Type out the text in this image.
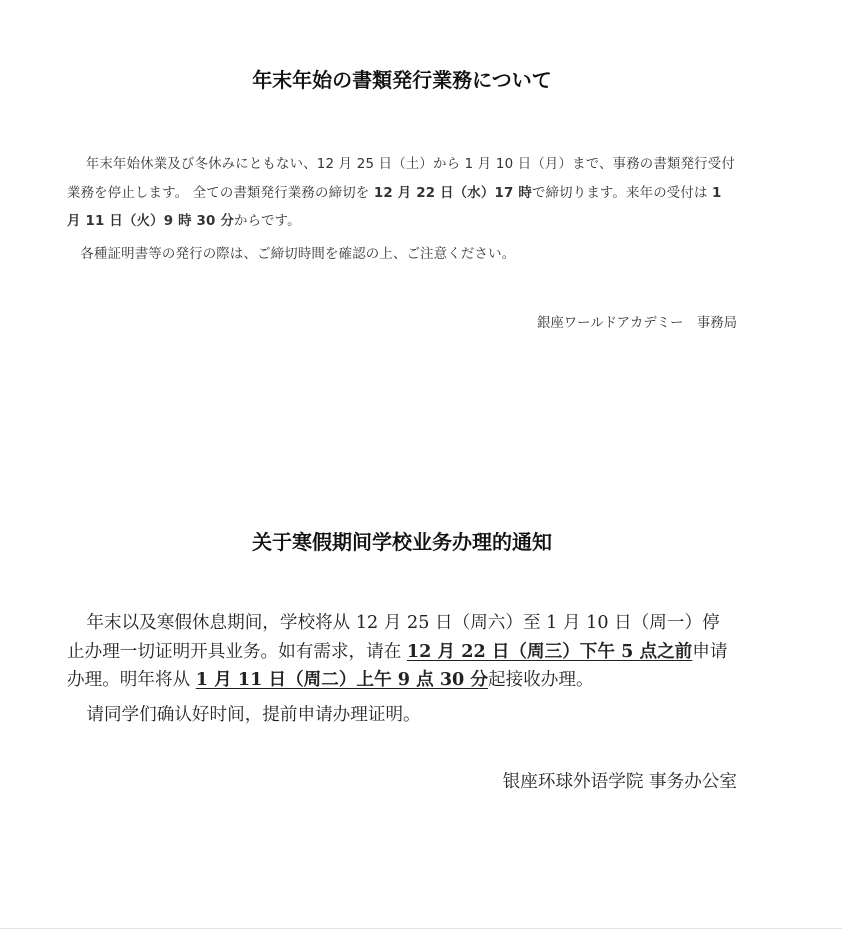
年末年始の書類発行業務について

年末年始休業及び冬休みにともない、12 月 25 日（土）から 1 月 10 日（月）まで、事務の書類発行受付業務を停止します。 全ての書類発行業務の締切を 12 月 22 日（水）17 時で締切ります。来年の受付は 1 月 11 日（火）9 時 30 分からです。

各種証明書等の発行の際は、ご締切時間を確認の上、ご注意ください。

銀座ワールドアカデミー　事務局
关于寒假期间学校业务办理的通知

年末以及寒假休息期间，学校将从 12 月 25 日（周六）至 1 月 10 日（周一）停止办理一切证明开具业务。如有需求，请在 12 月 22 日（周三）下午 5 点之前申请办理。明年将从 1 月 11 日（周二）上午 9 点 30 分起接收办理。

请同学们确认好时间，提前申请办理证明。

银座环球外语学院 事务办公室
